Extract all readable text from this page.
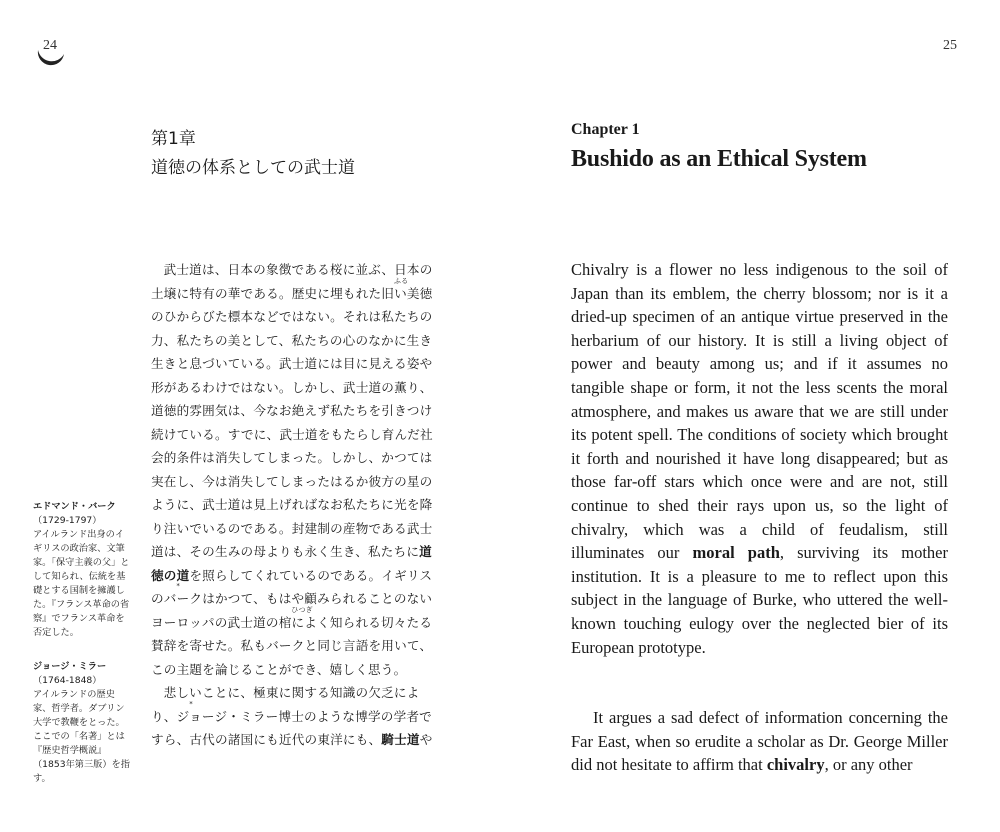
24	25
第1章
道徳の体系としての武士道

武士道は、日本の象徴である桜に並ぶ、日本の土壌に特有の華である。歴史に埋もれた旧 ふるい美徳のひからびた標本などではない。それは私たちの力、私たちの美として、私たちの心のなかに生き生きと息づいている。武士道には目に見える姿や形があるわけではない。しかし、武士道の薫り、道徳的雰囲気は、今なお絶えず私たちを引きつけ続けている。すでに、武士道をもたらし育んだ社会的条件は消失してしまった。しかし、かつては実在し、今は消失してしまったはるか彼方の星のように、武士道は見上げればなお私たちに光を降り注いでいるのである。封建制の産物である武士道は、その生みの母よりも永く生き、私たちに道徳の道を照らしてくれているのである。イギリスのバーク *はかつて、もはや顧みられることのないヨーロッパの武士道の棺 ひつぎによく知られる切々たる賛辞を寄せた。私もバークと同じ言語を用いて、この主題を論じることができ、嬉しく思う。

悲しいことに、極東に関する知識の欠乏により、ジョージ・ミラー *博士のような博学の学者ですら、古代の諸国にも近代の東洋にも、騎士道や

エドマンド・バーク
（1729-1797）
アイルランド出身のイギリスの政治家、文筆家。「保守主義の父」として知られ、伝統を基礎とする国制を擁護した。『フランス革命の省察』でフランス革命を否定した。
ジョージ・ミラー
（1764-1848）
アイルランドの歴史家、哲学者。ダブリン大学で教鞭をとった。ここでの「名著」とは『歴史哲学概説』（1853年第三版）を指す。
Chapter 1
Bushido as an Ethical System

Chivalry is a flower no less indigenous to the soil of Japan than its emblem, the cherry blossom; nor is it a dried-up specimen of an antique virtue preserved in the herbarium of our history. It is still a living object of power and beauty among us; and if it assumes no tangible shape or form, it not the less scents the moral atmosphere, and makes us aware that we are still under its potent spell. The conditions of society which brought it forth and nourished it have long disappeared; but as those far-off stars which once were and are not, still continue to shed their rays upon us, so the light of chivalry, which was a child of feudalism, still illuminates our moral path, surviving its mother institution. It is a pleasure to me to reflect upon this subject in the language of Burke, who uttered the well-known touching eulogy over the neglected bier of its European prototype.

It argues a sad defect of information concerning the Far East, when so erudite a scholar as Dr. George Miller did not hesitate to affirm that chivalry, or any other
